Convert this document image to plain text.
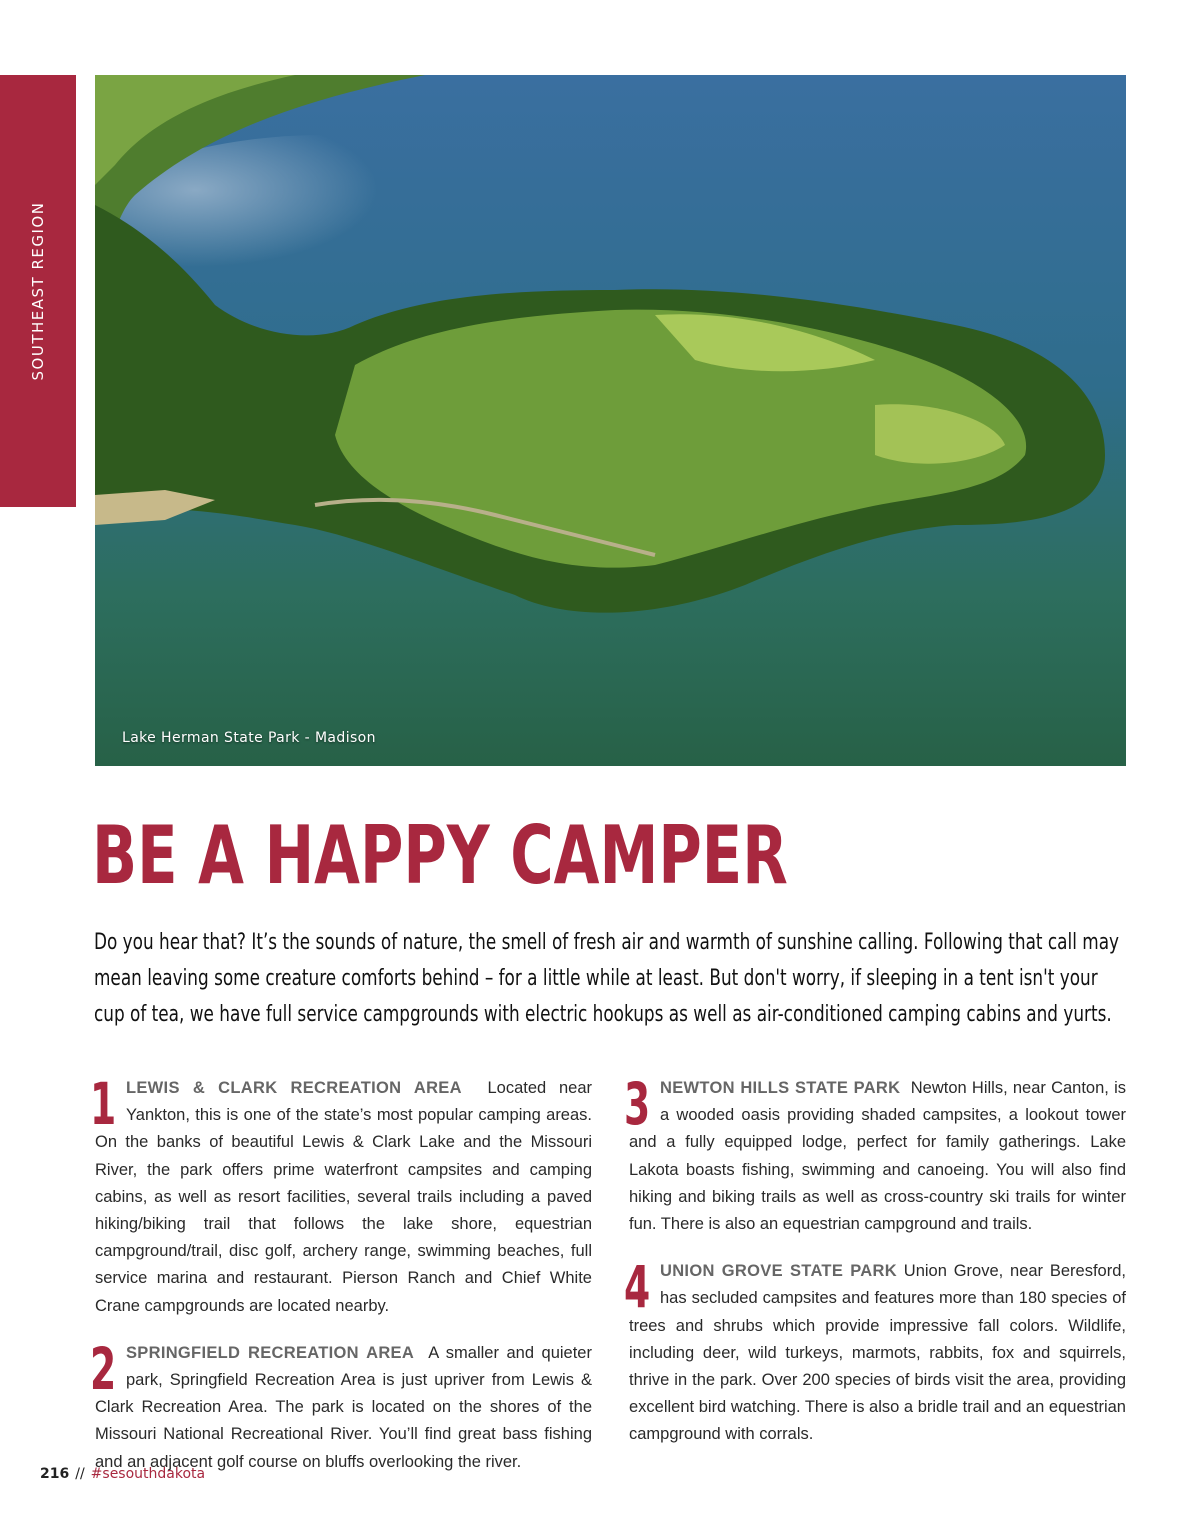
SOUTHEAST REGION
Lake Herman State Park - Madison
BE A HAPPY CAMPER

Do you hear that? It’s the sounds of nature, the smell of fresh air and warmth of sunshine calling. Following that call may mean leaving some creature comforts behind – for a little while at least. But don't worry, if sleeping in a tent isn't your cup of tea, we have full service campgrounds with electric hookups as well as air-conditioned camping cabins and yurts.

1 LEWIS & CLARK RECREATION AREA Located near Yankton, this is one of the state’s most popular camping areas. On the banks of beautiful Lewis & Clark Lake and the Missouri River, the park offers prime waterfront campsites and camping cabins, as well as resort facilities, several trails including a paved hiking/biking trail that follows the lake shore, equestrian campground/trail, disc golf, archery range, swimming beaches, full service marina and restaurant. Pierson Ranch and Chief White Crane campgrounds are located nearby.

2 SPRINGFIELD RECREATION AREA A smaller and quieter park, Springfield Recreation Area is just upriver from Lewis & Clark Recreation Area. The park is located on the shores of the Missouri National Recreational River. You’ll find great bass fishing and an adjacent golf course on bluffs overlooking the river.

3 NEWTON HILLS STATE PARK Newton Hills, near Canton, is a wooded oasis providing shaded campsites, a lookout tower and a fully equipped lodge, perfect for family gatherings. Lake Lakota boasts fishing, swimming and canoeing. You will also find hiking and biking trails as well as cross-country ski trails for winter fun. There is also an equestrian campground and trails.

4 UNION GROVE STATE PARK Union Grove, near Beresford, has secluded campsites and features more than 180 species of trees and shrubs which provide impressive fall colors. Wildlife, including deer, wild turkeys, marmots, rabbits, fox and squirrels, thrive in the park. Over 200 species of birds visit the area, providing excellent bird watching. There is also a bridle trail and an equestrian campground with corrals.

216 // #sesouthdakota
